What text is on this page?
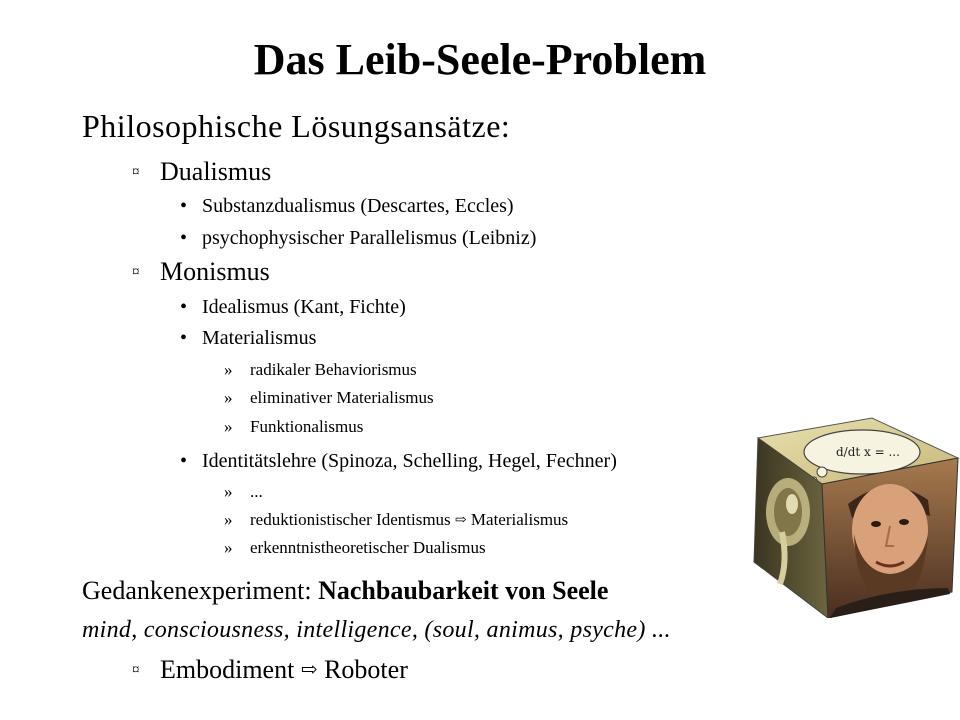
Das Leib-Seele-Problem
Philosophische Lösungsansätze:
¤ Dualismus
• Substanzdualismus (Descartes, Eccles)
• psychophysischer Parallelismus (Leibniz)
¤ Monismus
• Idealismus (Kant, Fichte)
• Materialismus
» radikaler Behaviorismus
» eliminativer Materialismus
» Funktionalismus
• Identitätslehre (Spinoza, Schelling, Hegel, Fechner)
» ...
» reduktionistischer Identismus ⇨ Materialismus
» erkenntnistheoretischer Dualismus
Gedankenexperiment: Nachbaubarkeit von Seele
mind, consciousness, intelligence, (soul, animus, psyche) ...
¤ Embodiment ⇨ Roboter
d/dt x = ...
